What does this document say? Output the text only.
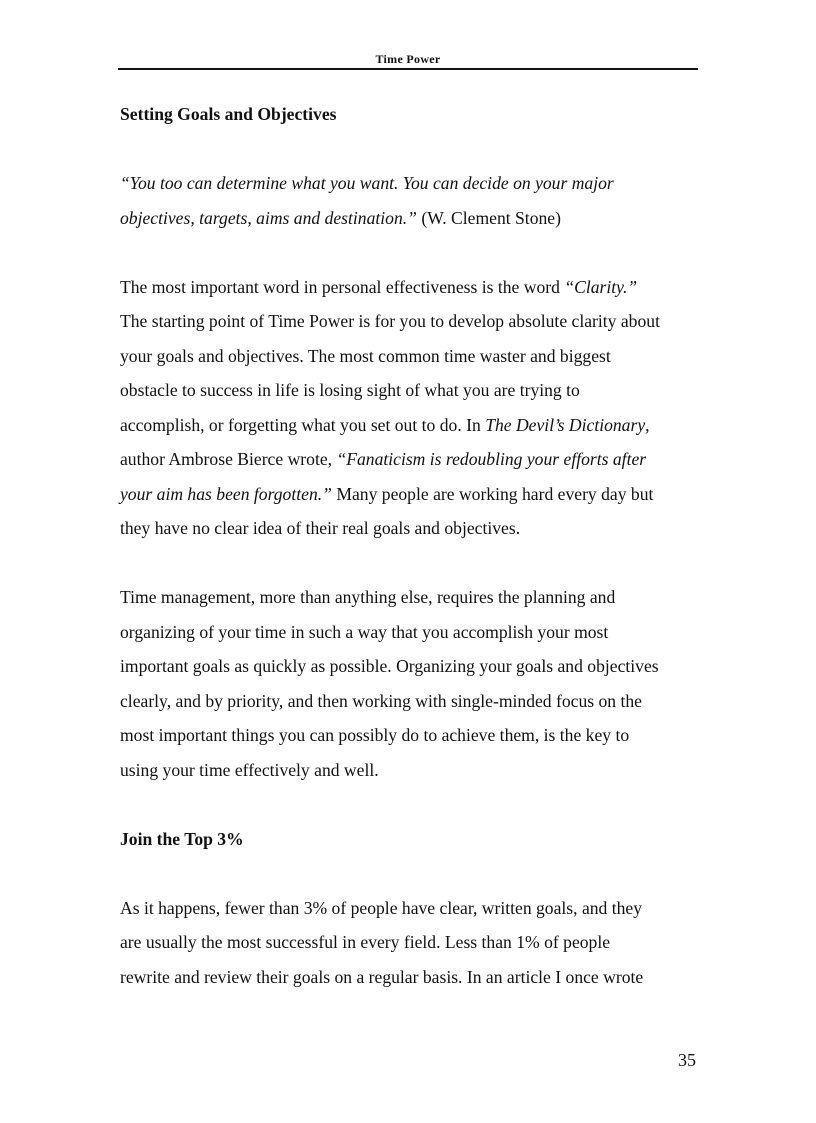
Time Power
Setting Goals and Objectives

“You too can determine what you want. You can decide on your major
objectives, targets, aims and destination.” (W. Clement Stone)

The most important word in personal effectiveness is the word “Clarity.”
The starting point of Time Power is for you to develop absolute clarity about
your goals and objectives. The most common time waster and biggest
obstacle to success in life is losing sight of what you are trying to
accomplish, or forgetting what you set out to do. In The Devil’s Dictionary,
author Ambrose Bierce wrote, “Fanaticism is redoubling your efforts after
your aim has been forgotten.” Many people are working hard every day but
they have no clear idea of their real goals and objectives.

Time management, more than anything else, requires the planning and
organizing of your time in such a way that you accomplish your most
important goals as quickly as possible. Organizing your goals and objectives
clearly, and by priority, and then working with single-minded focus on the
most important things you can possibly do to achieve them, is the key to
using your time effectively and well.

Join the Top 3%

As it happens, fewer than 3% of people have clear, written goals, and they
are usually the most successful in every field. Less than 1% of people
rewrite and review their goals on a regular basis. In an article I once wrote

35
